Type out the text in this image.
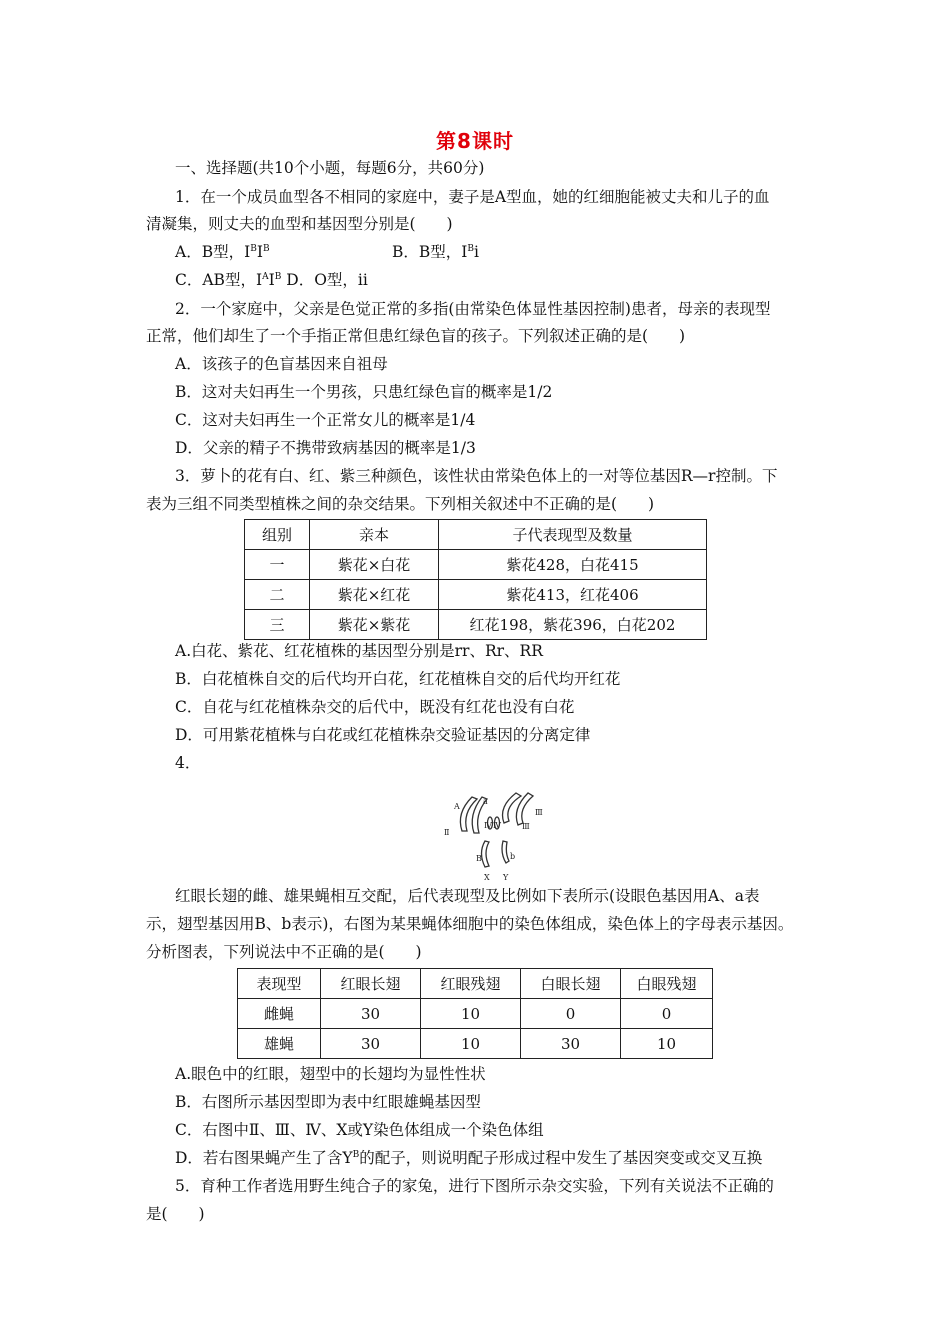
第8课时
一、选择题(共10个小题，每题6分，共60分)
1．在一个成员血型各不相同的家庭中，妻子是A型血，她的红细胞能被丈夫和儿子的血
清凝集，则丈夫的血型和基因型分别是(　　)
A．B型，$I^BI^B$	B．B型，$I^Bi$
C．AB型，$I^AI^B$ D．O型，ii
2．一个家庭中，父亲是色觉正常的多指(由常染色体显性基因控制)患者，母亲的表现型
正常，他们却生了一个手指正常但患红绿色盲的孩子。下列叙述正确的是(　　)
A．该孩子的色盲基因来自祖母
B．这对夫妇再生一个男孩，只患红绿色盲的概率是1/2
C．这对夫妇再生一个正常女儿的概率是1/4
D．父亲的精子不携带致病基因的概率是1/3
3．萝卜的花有白、红、紫三种颜色，该性状由常染色体上的一对等位基因R—r控制。下
表为三组不同类型植株之间的杂交结果。下列相关叙述中不正确的是(　　)
组别	亲本	子代表现型及数量
一	紫花×白花	紫花428，白花415
二	紫花×红花	紫花413，红花406
三	紫花×紫花	红花198，紫花396，白花202
A.白花、紫花、红花植株的基因型分别是rr、Rr、RR
B．白花植株自交的后代均开白花，红花植株自交的后代均开红花
C．自花与红花植株杂交的后代中，既没有红花也没有白花
D．可用紫花植株与白花或红花植株杂交验证基因的分离定律
4．
A
a
Ⅱ
Ⅳ Ⅳ
Ⅲ
Ⅲ
B	b
X Y
红眼长翅的雌、雄果蝇相互交配，后代表现型及比例如下表所示(设眼色基因用A、a表
示，翅型基因用B、b表示)，右图为某果蝇体细胞中的染色体组成，染色体上的字母表示基因。
分析图表，下列说法中不正确的是(　　)
表现型	红眼长翅	红眼残翅	白眼长翅	白眼残翅
雌蝇	30	10	0	0
雄蝇	30	10	30	10
A.眼色中的红眼，翅型中的长翅均为显性性状
B．右图所示基因型即为表中红眼雄蝇基因型
C．右图中Ⅱ、Ⅲ、Ⅳ、X或Y染色体组成一个染色体组
D．若右图果蝇产生了含$Y^B$的配子，则说明配子形成过程中发生了基因突变或交叉互换
5．育种工作者选用野生纯合子的家兔，进行下图所示杂交实验，下列有关说法不正确的
是(　　)
